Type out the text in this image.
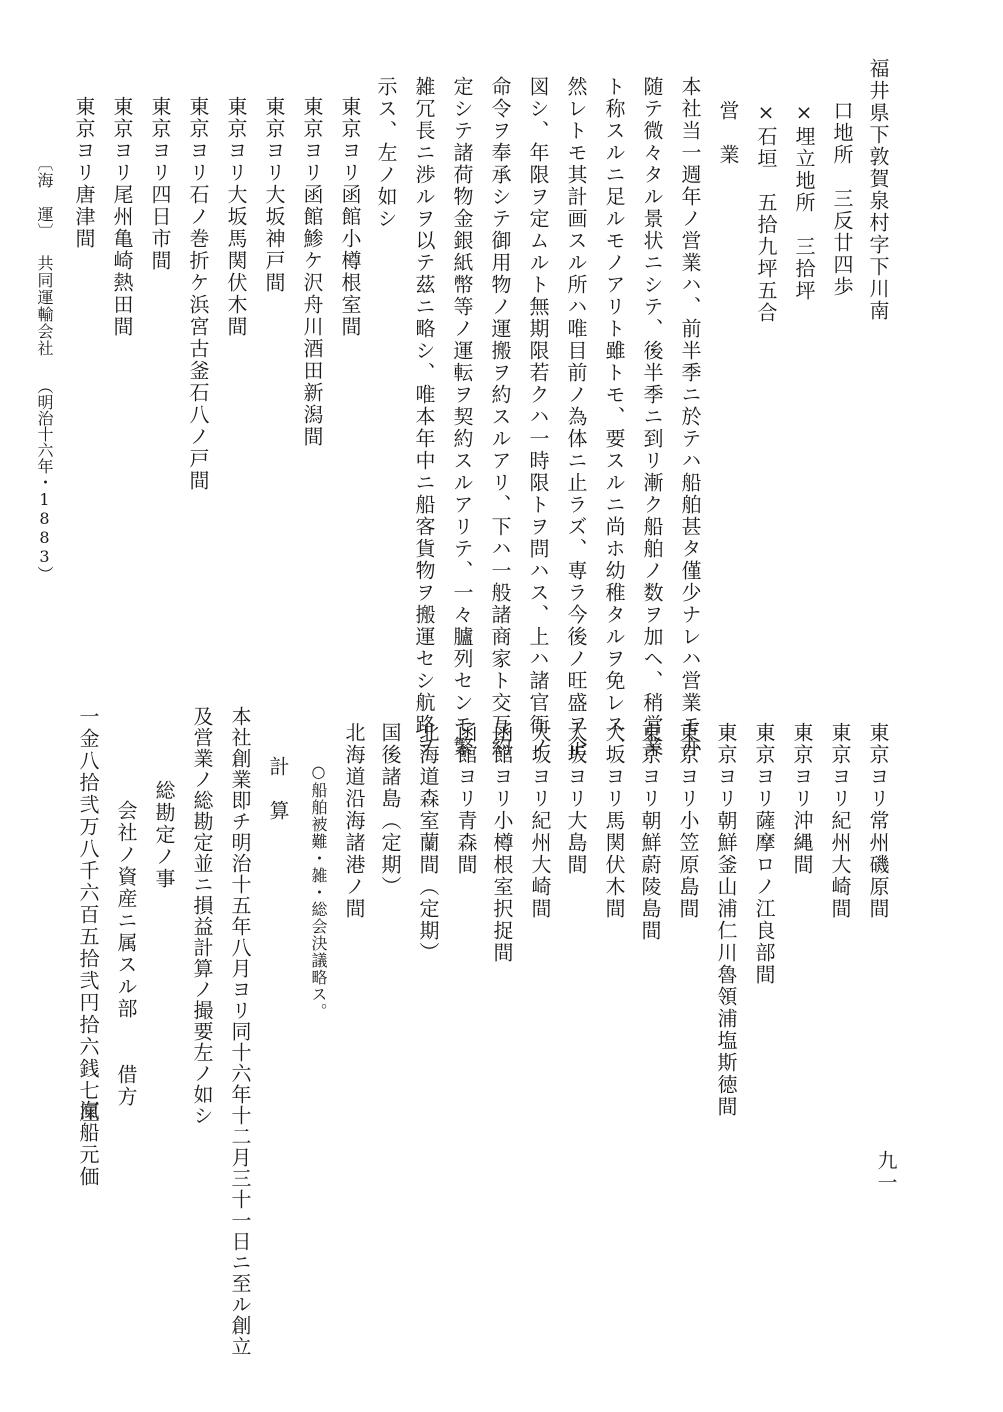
福井県下敦賀泉村字下川南
口地所　三反廿四歩
×埋立地所　三拾坪
×石垣　五拾九坪五合
営　業
本社当一週年ノ営業ハ、前半季ニ於テハ船舶甚タ僅少ナレハ営業モ亦
随テ微々タル景状ニシテ、後半季ニ到リ漸ク船舶ノ数ヲ加ヘ、稍営業
ト称スルニ足ルモノアリト雖トモ、要スルニ尚ホ幼稚タルヲ免レス、
然レトモ其計画スル所ハ唯目前ノ為体ニ止ラズ、専ラ今後ノ旺盛ヲ企
図シ、年限ヲ定ムルト無期限若クハ一時限トヲ問ハス、上ハ諸官衙ノ
命令ヲ奉承シテ御用物ノ運搬ヲ約スルアリ、下ハ一般諸商家ト交互約
定シテ諸荷物金銀紙幣等ノ運転ヲ契約スルアリテ、一々臚列センモ繁
雑冗長ニ渉ルヲ以テ茲ニ略シ、唯本年中ニ船客貨物ヲ搬運セシ航路ヲ
示ス、左ノ如シ
東京ヨリ函館小樽根室間
東京ヨリ函館鯵ケ沢舟川酒田新潟間
東京ヨリ大坂神戸間
東京ヨリ大坂馬関伏木間
東京ヨリ石ノ巻折ケ浜宮古釜石八ノ戸間
東京ヨリ四日市間
東京ヨリ尾州亀崎熱田間
東京ヨリ唐津間
〔海　運〕
共同運輸会社
（明治十六年・1883）
東京ヨリ常州磯原間
東京ヨリ紀州大崎間
東京ヨリ沖縄間
東京ヨリ薩摩ロノ江良部間
東京ヨリ朝鮮釜山浦仁川魯領浦塩斯徳間
東京ヨリ小笠原島間
東京ヨリ朝鮮蔚陵島間
大坂ヨリ馬関伏木間
大坂ヨリ大島間
大坂ヨリ紀州大崎間
函館ヨリ小樽根室択捉間
函館ヨリ青森間
北海道森室蘭間（定期）
国後諸島（定期）
北海道沿海諸港ノ間
○船舶被難・雑・総会決議略ス。
計　算
本社創業即チ明治十五年八月ヨリ同十六年十二月三十一日ニ至ル創立
及営業ノ総勘定並ニ損益計算ノ撮要左ノ如シ
総勘定ノ事
会社ノ資産ニ属スル部　　借方
一金八拾弐万八千六百五拾弐円拾六銭七厘
滊船元価	九一
